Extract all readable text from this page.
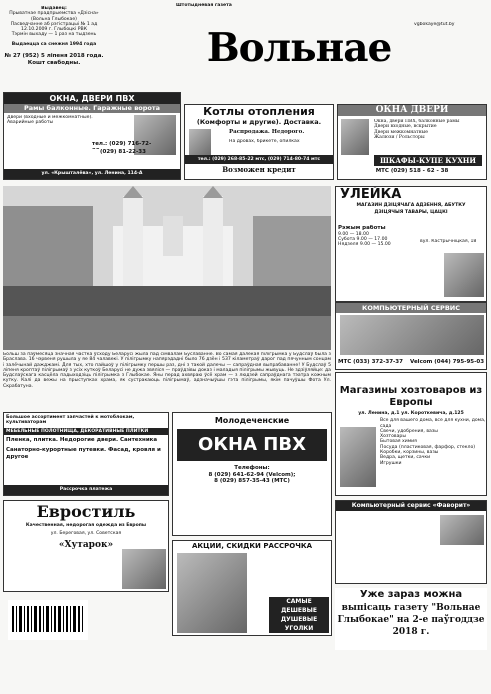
Выдавец:
Прыватнае прадпрыемства «Дзісна» (Вольна Глыбокае)
Пасведчанне аб рэгістрацыі № 1 ад
12.10.2009 г. Глыбоцкі РВК
Тэрмін выхаду — 1 раз на тыдзень
Выдаецца са снежня 1994 года
№ 27 (952) 5 лiпеня 2018 года.
Кошт свабодны.
Штотыднёвая газета
vgbokaye@tut.by
Вольнае
ОКНА, ДВЕРИ ПВХ
Рамы балконные. Гаражные ворота
Двери (входные и межкомнатные). Аварийные работы
тел.: (029) 716-72-
(029) 81-22-33
ул. «Крышталёва», ул. Ленина, 114-А
Котлы отопления
(Комфорты и другие). Доставка.
Распродажа. Недорого.
На дровах, брикете, опилках
тел.: (029) 268-85-22 мтс, (029) 714-80-74 мтс
Возможен кредит
ОКНА ДВЕРИ
Окна, двери ПВХ, балконные рамы
Двери входные, вскрытие
Двери межкомнатные
Жалюзи / Рольсторы
ШКАФЫ-КУПЕ КУХНИ
МТС (029) 518 - 62 - 38
УЛЕЙКА
МАГАЗИН ДЗIЦЯЧАГА АДЗЕННЯ, АБУТКУ
ДЗIЦЯЧЫЯ ТАВАРЫ, ЦАЦКІ
Рэжым работы
9.00 — 18.00
Субота 9.00 — 17.00
Нядзеля 9.00 — 15.00
вул. Кастрычніцкая, 18
КОМПЬЮТЕРНЫЙ СЕРВИС
МТС (033) 372-37-37	Velcom (044) 795-95-03
Магазины хозтоваров из Европы
ул. Ленина, д.1 ул. Короткевича, д.125
Все для вашего дома, все для кухни, дома, сада
Свечи, удобрения, вазы
Хозтовары
Бытовая химия
Посуда (пластиковая, фарфор, стекло)
Коробки, корзины, вазы
Ведра, щетки, сачки
Игрушки
Больш за паўмесяца значная частка ўсходу Беларусі жыла пад сімвалам Буславанне. Во самая далёкая пілігрымка у Будслаў была з Браслава. 16 чэрвеня рушыла у яе 84 чалавекі. У пілігрымку напярэдадні было 76 дзён і 537 кіламетраў дарог пад пячунным сонцам і залёчынай дажджамі. Для тых, хто пайшоў у пілігрымку першы раз, дні з такой далечы — сапраўдная выпрабаванне! У Будслаў 5 ліпеня кроптаў пілігрымаў з усіх куткоў Беларусі не дужа звяліся — праўдзівы доказ і маладыя пілігрымы жывуць. Не здзіўляйце: да Будслаўскага касцёла падыходзіць пілігрымка з Глыбокае. Яны перад ахвяраю ўсё храм — з людзей сапраўднага тэатра кожным кутку. Калі да вежы на прыступках храма, як сустракаюць пілігрымаў, адзначыўшы гэта пілігрымы, якім пачуўшы Фота Ул. Скрабатуна.
Большое ассортимент запчастей к мотоблокам, культиваторам
МЕБЕЛЬНЫЕ ПОЛОТНИЩА, ДЕКОРАТИВНЫЕ ПЛИТКИ
Пленка, плитка. Недорогие двери. Сантехника
Санаторно-курортные путевки. Фасад, кровля и другое
Рассрочка платежа
Евростиль
Качественная, недорогая одежда из Европы
ул. Береговая, ул. Советская
«Хутарок»
Молодеченские
ОКНА ПВХ
Телефоны:
8 (029) 641-62-94 (Velcom);
8 (029) 857-35-43 (МТС)
АКЦИИ, СКИДКИ РАССРОЧКА
САМЫЕ ДЕШЕВЫЕ ДУШЕВЫЕ УГОЛКИ
Компьютерный сервис «Фаворит»
Уже зараз можна
выпісаць газету "Вольнае Глыбокае" на 2-е паўгоддзе 2018 г.
